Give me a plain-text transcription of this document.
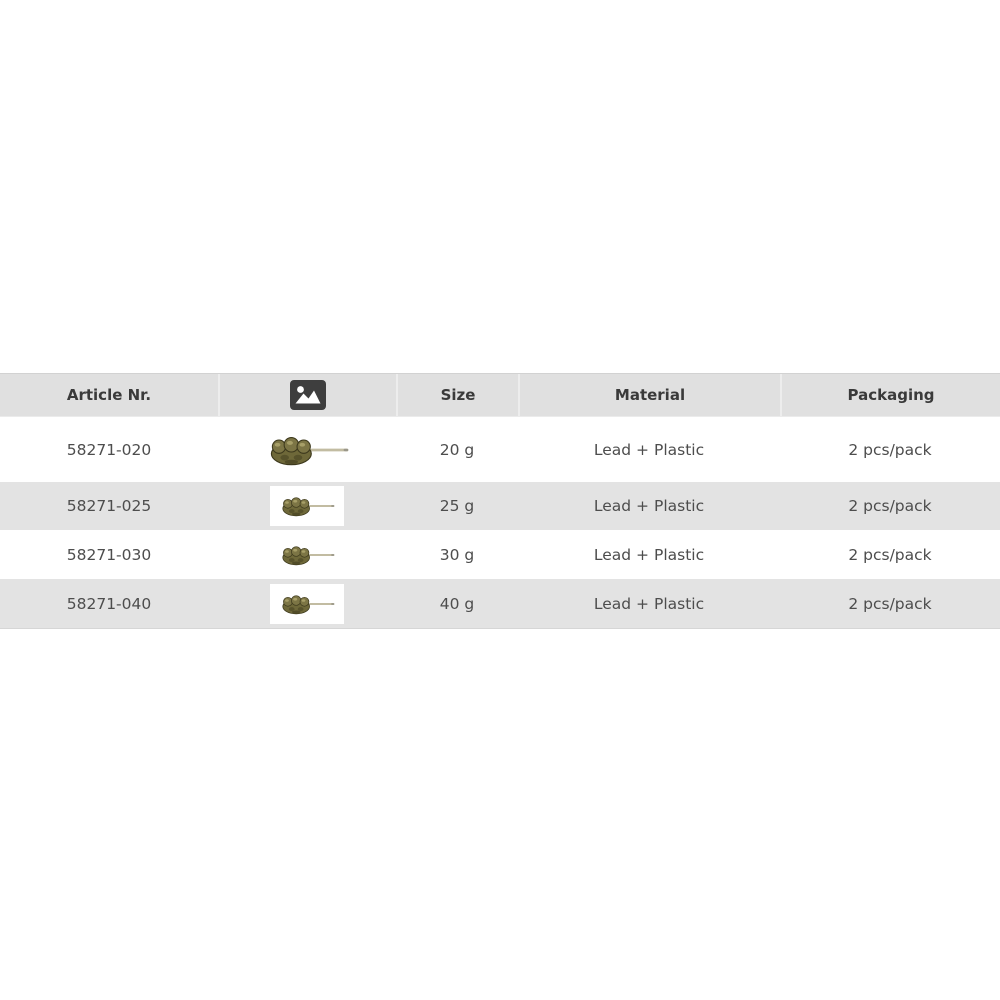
Article Nr.	Size	Material	Packaging
58271-020	20 g	Lead + Plastic	2 pcs/pack
58271-025	25 g	Lead + Plastic	2 pcs/pack
58271-030	30 g	Lead + Plastic	2 pcs/pack
58271-040	40 g	Lead + Plastic	2 pcs/pack
